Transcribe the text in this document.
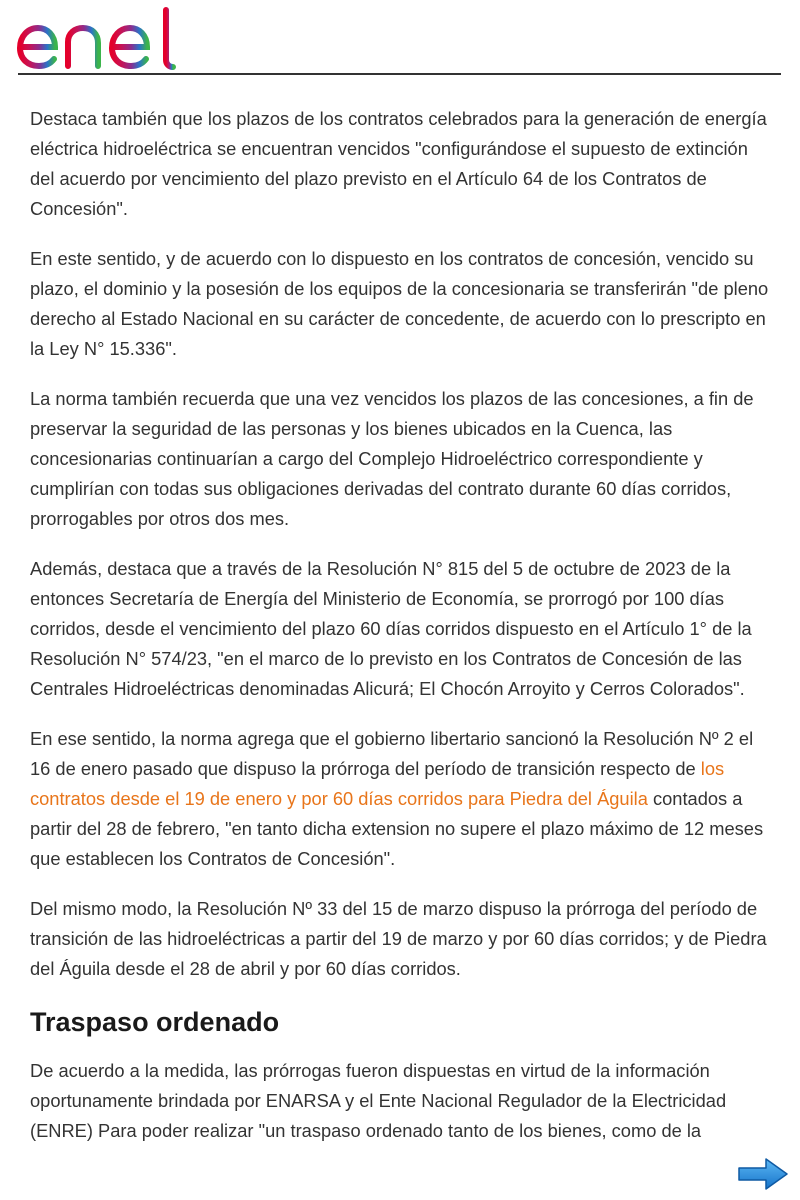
Destaca también que los plazos de los contratos celebrados para la generación de energía eléctrica hidroeléctrica se encuentran vencidos "configurándose el supuesto de extinción del acuerdo por vencimiento del plazo previsto en el Artículo 64 de los Contratos de Concesión".

En este sentido, y de acuerdo con lo dispuesto en los contratos de concesión, vencido su plazo, el dominio y la posesión de los equipos de la concesionaria se transferirán "de pleno derecho al Estado Nacional en su carácter de concedente, de acuerdo con lo prescripto en la Ley N° 15.336".

La norma también recuerda que una vez vencidos los plazos de las concesiones, a fin de preservar la seguridad de las personas y los bienes ubicados en la Cuenca, las concesionarias continuarían a cargo del Complejo Hidroeléctrico correspondiente y cumplirían con todas sus obligaciones derivadas del contrato durante 60 días corridos, prorrogables por otros dos mes.

Además, destaca que a través de la Resolución N° 815 del 5 de octubre de 2023 de la entonces Secretaría de Energía del Ministerio de Economía, se prorrogó por 100 días corridos, desde el vencimiento del plazo 60 días corridos dispuesto en el Artículo 1° de la Resolución N° 574/23, "en el marco de lo previsto en los Contratos de Concesión de las Centrales Hidroeléctricas denominadas Alicurá; El Chocón Arroyito y Cerros Colorados".

En ese sentido, la norma agrega que el gobierno libertario sancionó la Resolución Nº 2 el 16 de enero pasado que dispuso la prórroga del período de transición respecto de los contratos desde el 19 de enero y por 60 días corridos para Piedra del Águila contados a partir del 28 de febrero, "en tanto dicha extension no supere el plazo máximo de 12 meses que establecen los Contratos de Concesión".

Del mismo modo, la Resolución Nº 33 del 15 de marzo dispuso la prórroga del período de transición de las hidroeléctricas a partir del 19 de marzo y por 60 días corridos; y de Piedra del Águila desde el 28 de abril y por 60 días corridos.

Traspaso ordenado

De acuerdo a la medida, las prórrogas fueron dispuestas en virtud de la información oportunamente brindada por ENARSA y el Ente Nacional Regulador de la Electricidad (ENRE) Para poder realizar "un traspaso ordenado tanto de los bienes, como de la
